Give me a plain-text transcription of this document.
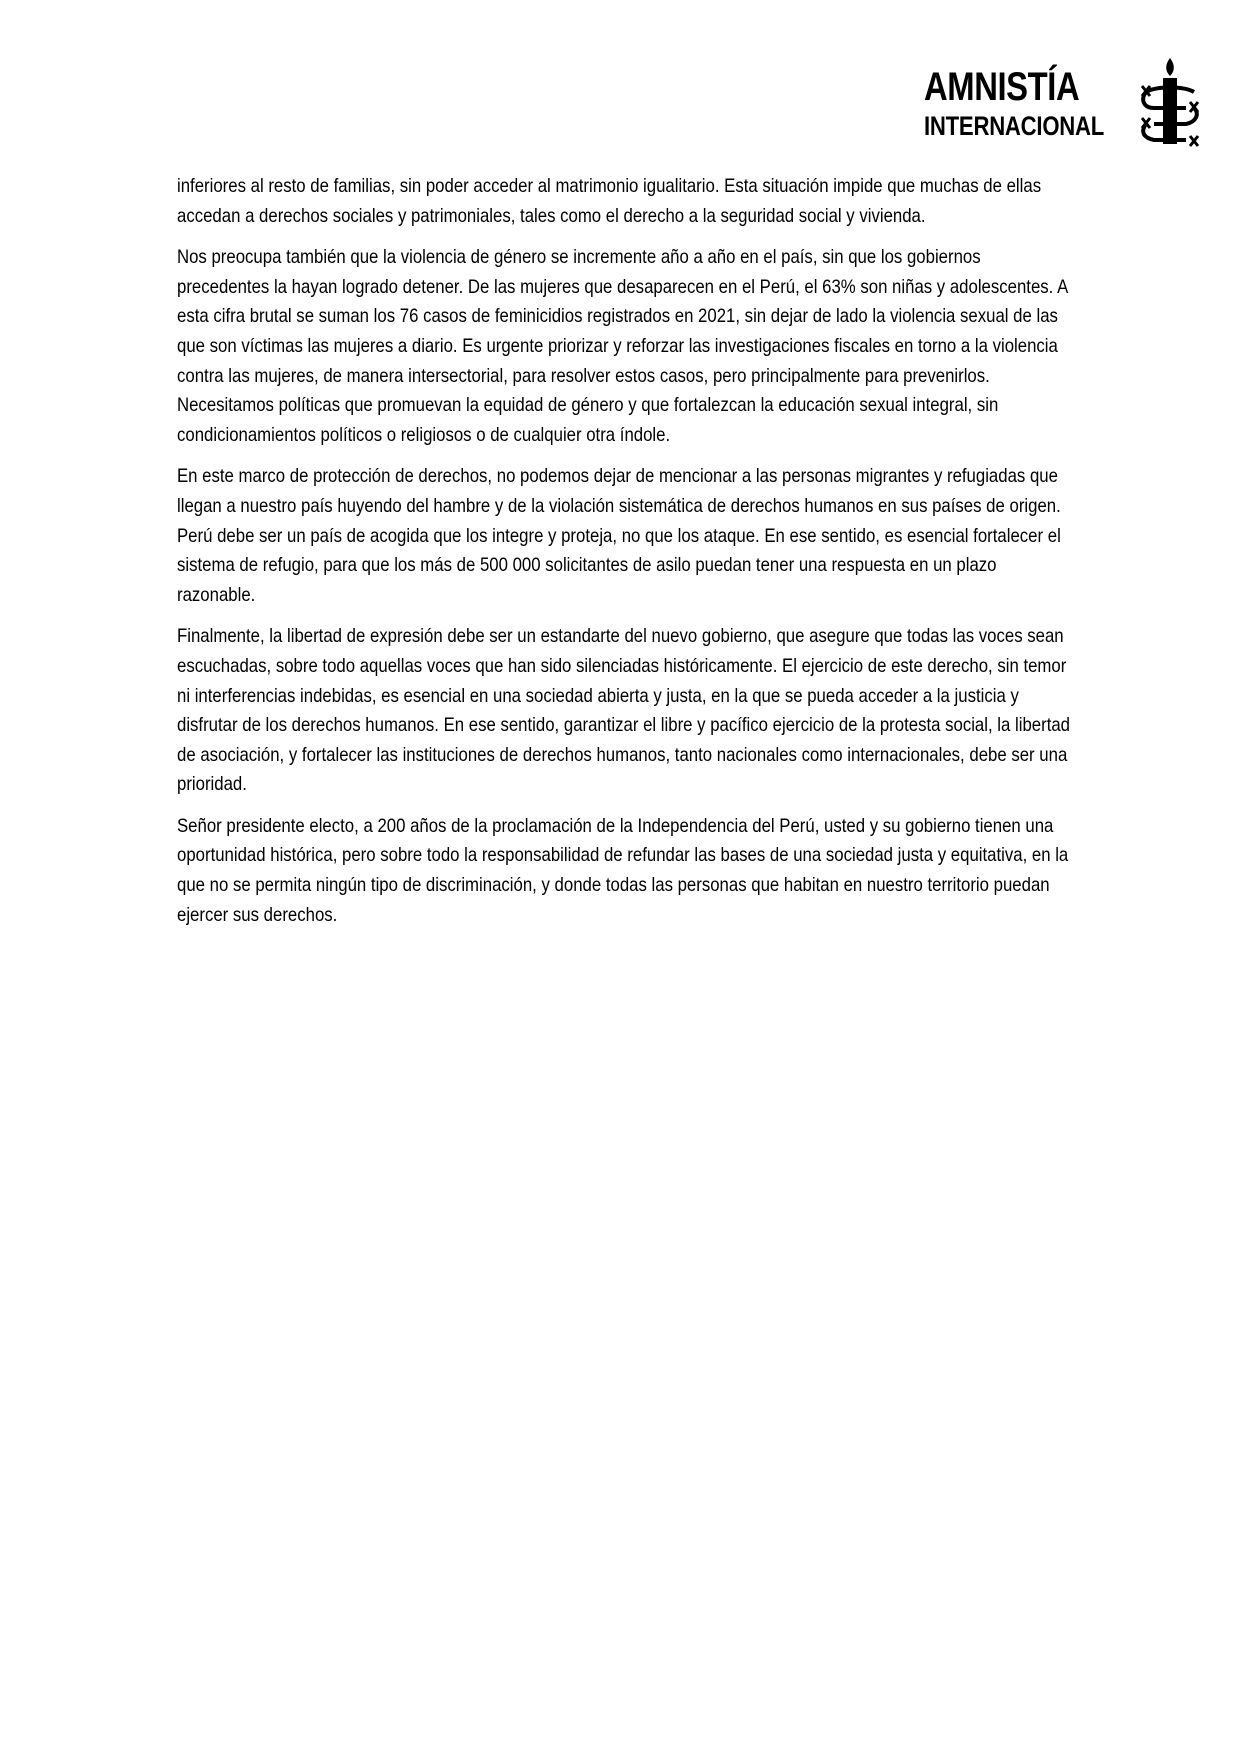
AMNISTÍA
INTERNACIONAL

inferiores al resto de familias, sin poder acceder al matrimonio igualitario. Esta situación impide que muchas de ellas accedan a derechos sociales y patrimoniales, tales como el derecho a la seguridad social y vivienda.

Nos preocupa también que la violencia de género se incremente año a año en el país, sin que los gobiernos precedentes la hayan logrado detener. De las mujeres que desaparecen en el Perú, el 63% son niñas y adolescentes. A esta cifra brutal se suman los 76 casos de feminicidios registrados en 2021, sin dejar de lado la violencia sexual de las que son víctimas las mujeres a diario. Es urgente priorizar y reforzar las investigaciones fiscales en torno a la violencia contra las mujeres, de manera intersectorial, para resolver estos casos, pero principalmente para prevenirlos. Necesitamos políticas que promuevan la equidad de género y que fortalezcan la educación sexual integral, sin condicionamientos políticos o religiosos o de cualquier otra índole.

En este marco de protección de derechos, no podemos dejar de mencionar a las personas migrantes y refugiadas que llegan a nuestro país huyendo del hambre y de la violación sistemática de derechos humanos en sus países de origen. Perú debe ser un país de acogida que los integre y proteja, no que los ataque. En ese sentido, es esencial fortalecer el sistema de refugio, para que los más de 500 000 solicitantes de asilo puedan tener una respuesta en un plazo razonable.

Finalmente, la libertad de expresión debe ser un estandarte del nuevo gobierno, que asegure que todas las voces sean escuchadas, sobre todo aquellas voces que han sido silenciadas históricamente. El ejercicio de este derecho, sin temor ni interferencias indebidas, es esencial en una sociedad abierta y justa, en la que se pueda acceder a la justicia y disfrutar de los derechos humanos. En ese sentido, garantizar el libre y pacífico ejercicio de la protesta social, la libertad de asociación, y fortalecer las instituciones de derechos humanos, tanto nacionales como internacionales, debe ser una prioridad.

Señor presidente electo, a 200 años de la proclamación de la Independencia del Perú, usted y su gobierno tienen una oportunidad histórica, pero sobre todo la responsabilidad de refundar las bases de una sociedad justa y equitativa, en la que no se permita ningún tipo de discriminación, y donde todas las personas que habitan en nuestro territorio puedan ejercer sus derechos.
